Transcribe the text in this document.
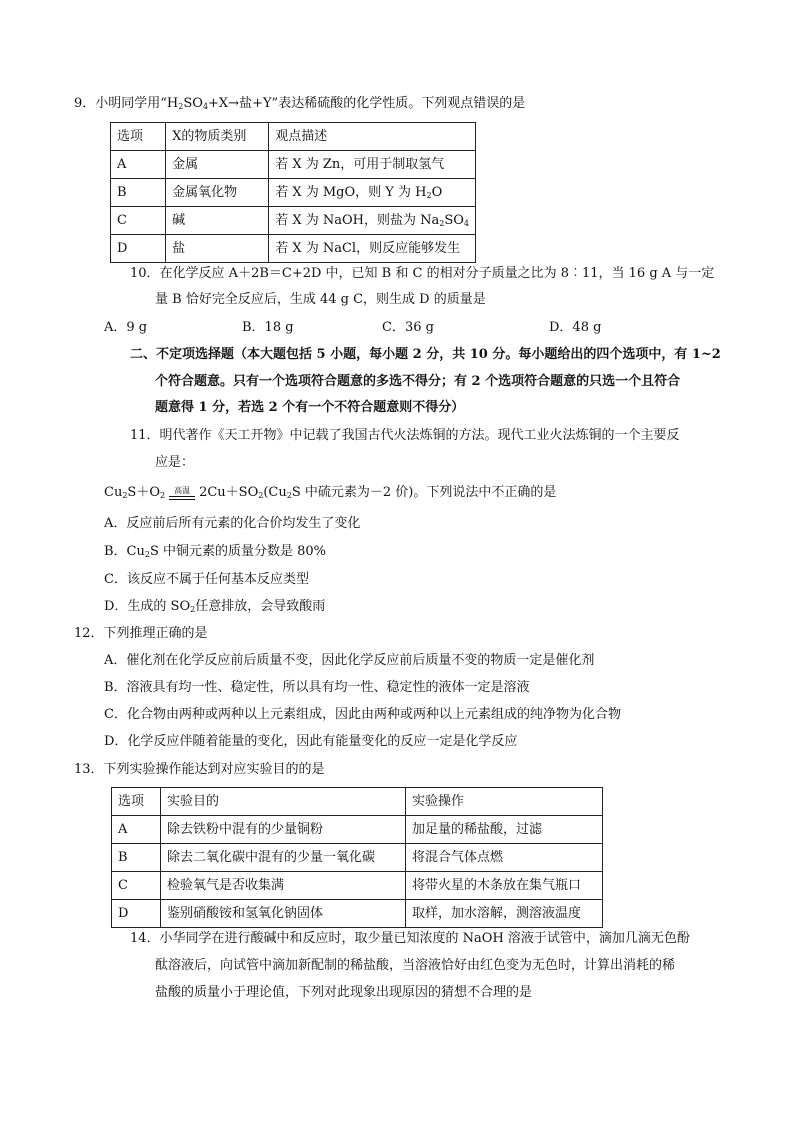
9．小明同学用“$H_2SO_4+X\to$盐+Y”表达稀硫酸的化学性质。下列观点错误的是
选项	X的物质类别	观点描述
A	金属	若 X 为 Zn，可用于制取氢气
B	金属氧化物	若 X 为 MgO，则 Y 为 $H_2O$
C	碱	若 X 为 NaOH，则盐为 $Na_2SO_4$
D	盐	若 X 为 NaCl，则反应能够发生
10．在化学反应 A＋2B＝C+2D 中，已知 B 和 C 的相对分子质量之比为 8︰11，当 16 g A 与一定
量 B 恰好完全反应后，生成 44 g C，则生成 D 的质量是
A．9 g	B．18 g	C．36 g	D．48 g
二、不定项选择题（本大题包括 5 小题，每小题 2 分，共 10 分。每小题给出的四个选项中，有 1~2
个符合题意。只有一个选项符合题意的多选不得分；有 2 个选项符合题意的只选一个且符合
题意得 1 分，若选 2 个有一个不符合题意则不得分）
11．明代著作《天工开物》中记载了我国古代火法炼铜的方法。现代工业火法炼铜的一个主要反
应是：
$Cu_2S+O_2$
高温 $2Cu+SO_2(Cu_2S$ 中硫元素为－2 价)。下列说法中不正确的是
A．反应前后所有元素的化合价均发生了变化
B．$Cu_2S$ 中铜元素的质量分数是 80%
C．该反应不属于任何基本反应类型
D．生成的 $SO_2$任意排放，会导致酸雨
12．下列推理正确的是
A．催化剂在化学反应前后质量不变，因此化学反应前后质量不变的物质一定是催化剂
B．溶液具有均一性、稳定性，所以具有均一性、稳定性的液体一定是溶液
C．化合物由两种或两种以上元素组成，因此由两种或两种以上元素组成的纯净物为化合物
D．化学反应伴随着能量的变化，因此有能量变化的反应一定是化学反应
13．下列实验操作能达到对应实验目的的是
选项	实验目的	实验操作
A	除去铁粉中混有的少量铜粉	加足量的稀盐酸，过滤
B	除去二氧化碳中混有的少量一氧化碳	将混合气体点燃
C	检验氧气是否收集满	将带火星的木条放在集气瓶口
D	鉴别硝酸铵和氢氧化钠固体	取样，加水溶解，测溶液温度
14．小华同学在进行酸碱中和反应时，取少量已知浓度的 NaOH 溶液于试管中，滴加几滴无色酚
酞溶液后，向试管中滴加新配制的稀盐酸，当溶液恰好由红色变为无色时，计算出消耗的稀
盐酸的质量小于理论值，下列对此现象出现原因的猜想不合理的是
